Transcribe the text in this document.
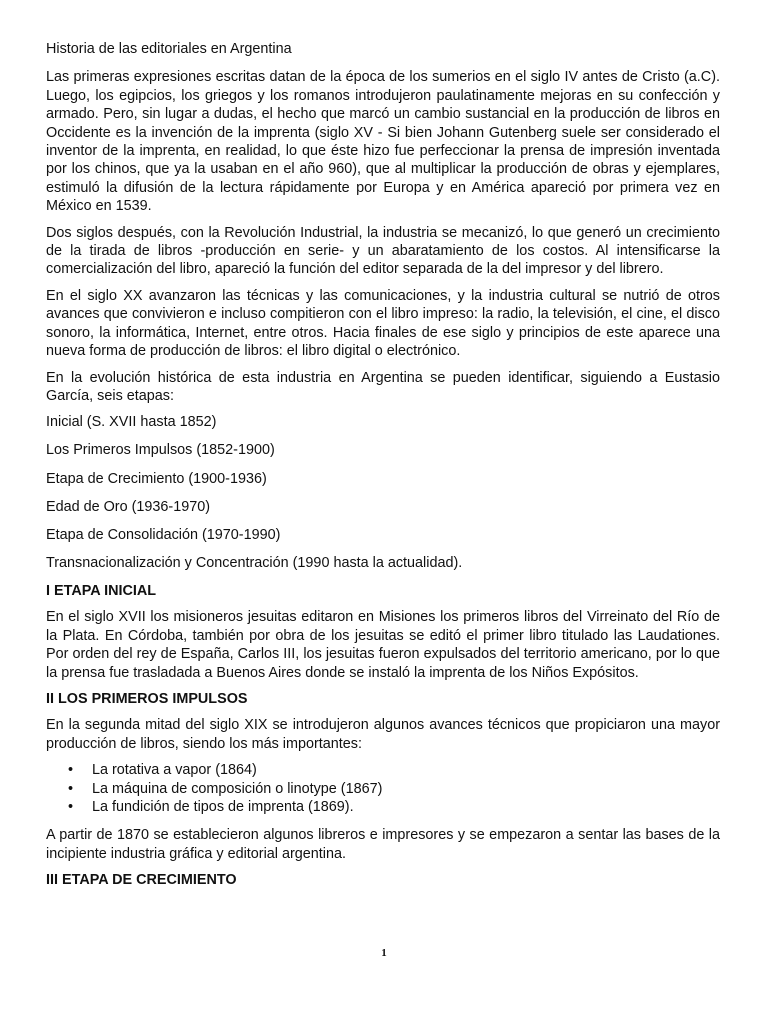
Historia de las editoriales en Argentina

Las primeras expresiones escritas datan de la época de los sumerios en el siglo IV antes de Cristo (a.C). Luego, los egipcios, los griegos y los romanos introdujeron paulatinamente mejoras en su confección y armado. Pero, sin lugar a dudas, el hecho que marcó un cambio sustancial en la producción de libros en Occidente es la invención de la imprenta (siglo XV - Si bien Johann Gutenberg suele ser considerado el inventor de la imprenta, en realidad, lo que éste hizo fue perfeccionar la prensa de impresión inventada por los chinos, que ya la usaban en el año 960), que al multiplicar la producción de obras y ejemplares, estimuló la difusión de la lectura rápidamente por Europa y en América apareció por primera vez en México en 1539.

Dos siglos después, con la Revolución Industrial, la industria se mecanizó, lo que generó un crecimiento de la tirada de libros -producción en serie- y un abaratamiento de los costos. Al intensificarse la comercialización del libro, apareció la función del editor separada de la del impresor y del librero.

En el siglo XX avanzaron las técnicas y las comunicaciones, y la industria cultural se nutrió de otros avances que convivieron e incluso compitieron con el libro impreso: la radio, la televisión, el cine, el disco sonoro, la informática, Internet, entre otros. Hacia finales de ese siglo y principios de este aparece una nueva forma de producción de libros: el libro digital o electrónico.

En la evolución histórica de esta industria en Argentina se pueden identificar, siguiendo a Eustasio García, seis etapas:

Inicial (S. XVII hasta 1852)
Los Primeros Impulsos (1852-1900)
Etapa de Crecimiento (1900-1936)
Edad de Oro (1936-1970)
Etapa de Consolidación (1970-1990)
Transnacionalización y Concentración (1990 hasta la actualidad).
I ETAPA INICIAL

En el siglo XVII los misioneros jesuitas editaron en Misiones los primeros libros del Virreinato del Río de la Plata. En Córdoba, también por obra de los jesuitas se editó el primer libro titulado las Laudationes. Por orden del rey de España, Carlos III, los jesuitas fueron expulsados del territorio americano, por lo que la prensa fue trasladada a Buenos Aires donde se instaló la imprenta de los Niños Expósitos.

II LOS PRIMEROS IMPULSOS

En la segunda mitad del siglo XIX se introdujeron algunos avances técnicos que propiciaron una mayor producción de libros, siendo los más importantes:

• La rotativa a vapor (1864)
• La máquina de composición o linotype (1867)
• La fundición de tipos de imprenta (1869).

A partir de 1870 se establecieron algunos libreros e impresores y se empezaron a sentar las bases de la incipiente industria gráfica y editorial argentina.

III ETAPA DE CRECIMIENTO
1
